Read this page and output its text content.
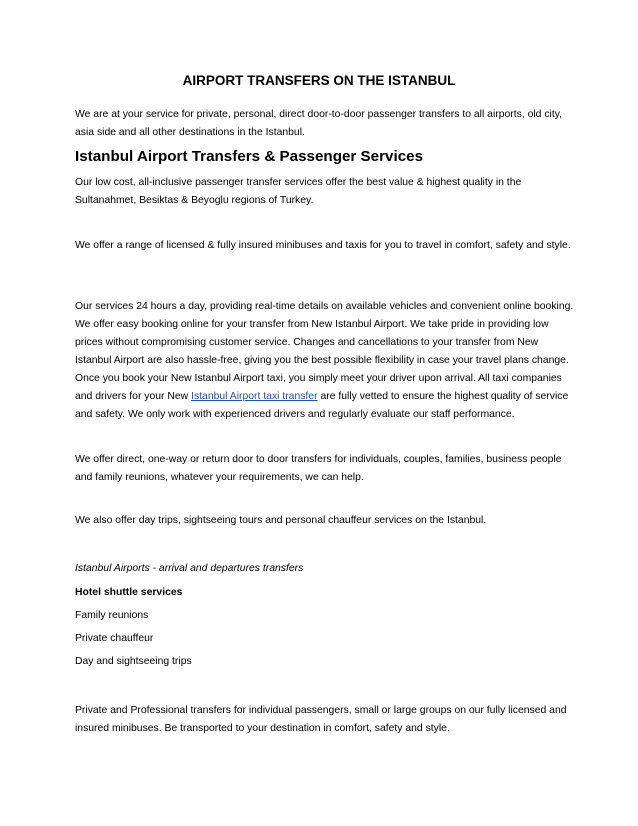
AIRPORT TRANSFERS ON THE ISTANBUL

We are at your service for private, personal, direct door-to-door passenger transfers to all airports, old city, asia side and all other destinations in the Istanbul.

Istanbul Airport Transfers & Passenger Services

Our low cost, all-inclusive passenger transfer services offer the best value & highest quality in the Sultanahmet, Besiktas & Beyoglu regions of Turkey.

We offer a range of licensed & fully insured minibuses and taxis for you to travel in comfort, safety and style.

Our services 24 hours a day, providing real-time details on available vehicles and convenient online booking. We offer easy booking online for your transfer from New Istanbul Airport. We take pride in providing low prices without compromising customer service. Changes and cancellations to your transfer from New Istanbul Airport are also hassle-free, giving you the best possible flexibility in case your travel plans change. Once you book your New Istanbul Airport taxi, you simply meet your driver upon arrival. All taxi companies and drivers for your New Istanbul Airport taxi transfer are fully vetted to ensure the highest quality of service and safety. We only work with experienced drivers and regularly evaluate our staff performance.

We offer direct, one-way or return door to door transfers for individuals, couples, families, business people and family reunions, whatever your requirements, we can help.

We also offer day trips, sightseeing tours and personal chauffeur services on the Istanbul.

Istanbul Airports - arrival and departures transfers
Hotel shuttle services
Family reunions
Private chauffeur
Day and sightseeing trips

Private and Professional transfers for individual passengers, small or large groups on our fully licensed and insured minibuses. Be transported to your destination in comfort, safety and style.
